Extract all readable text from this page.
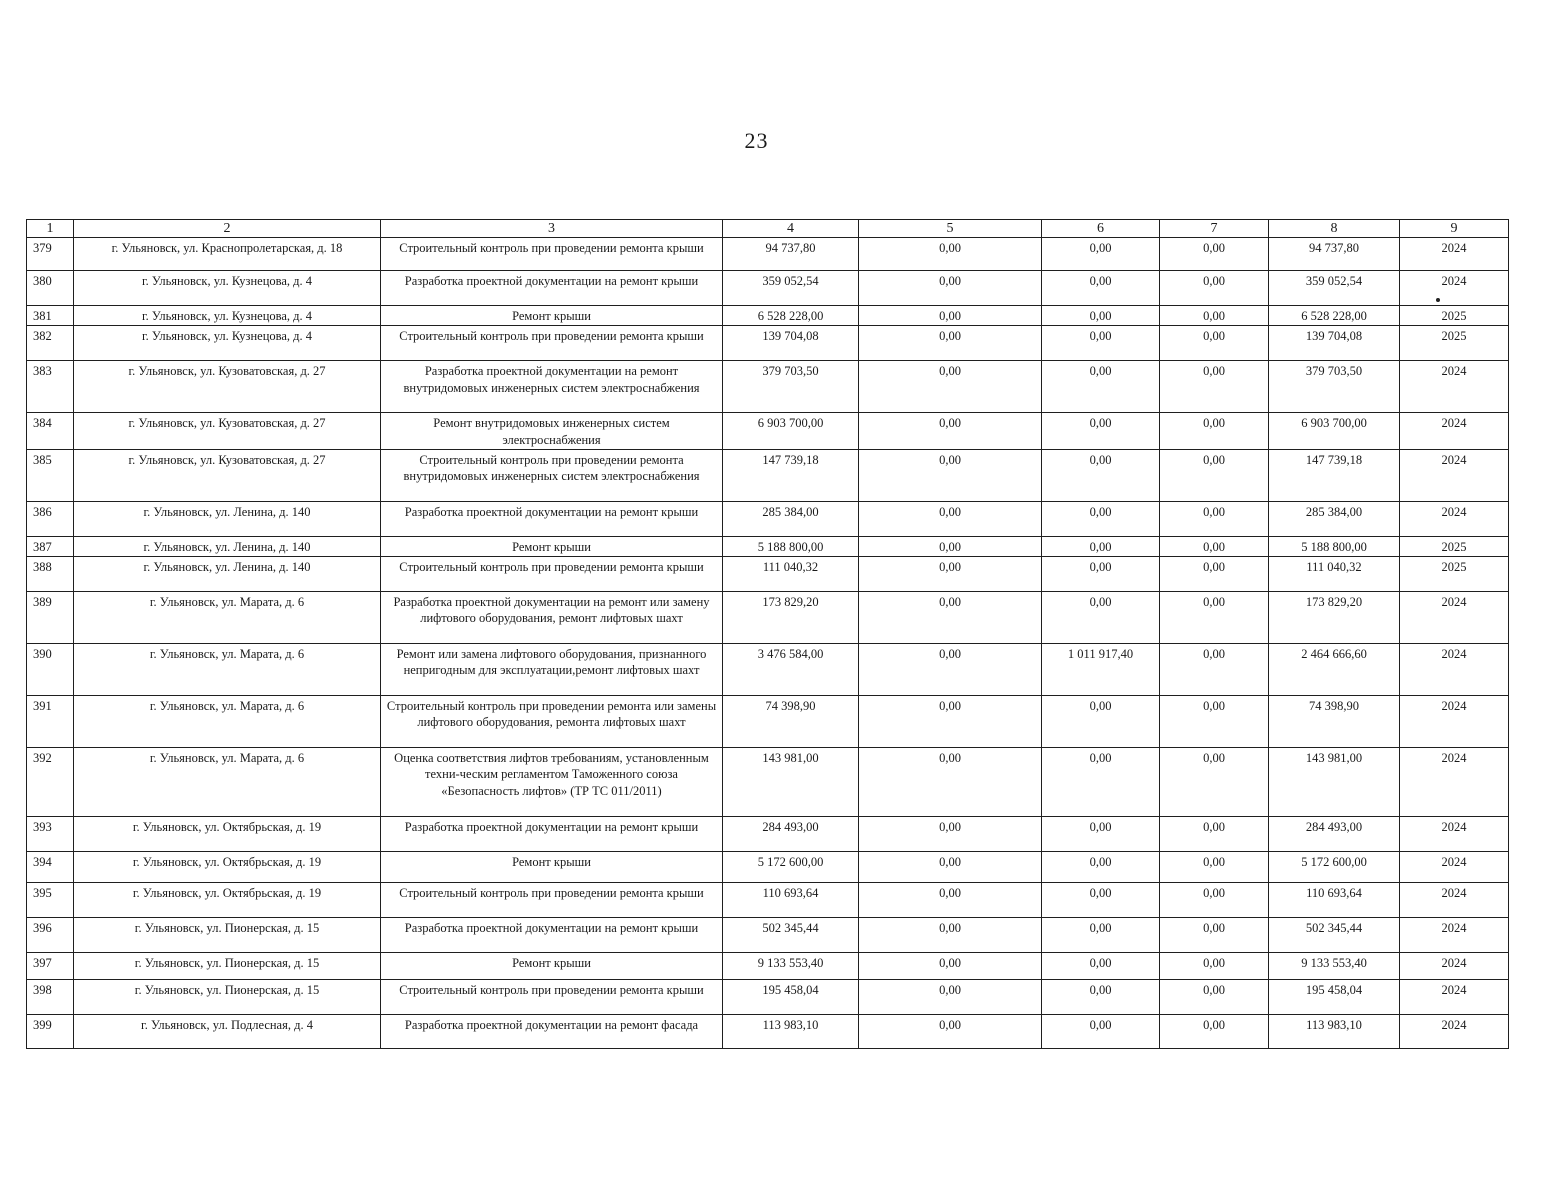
23
1	2	3	4	5	6	7	8	9
379	г. Ульяновск, ул. Краснопролетарская, д. 18	Строительный контроль при проведении ремонта крыши	94 737,80	0,00	0,00	0,00	94 737,80	2024
380	г. Ульяновск, ул. Кузнецова, д. 4	Разработка проектной документации на ремонт крыши	359 052,54	0,00	0,00	0,00	359 052,54	2024
381	г. Ульяновск, ул. Кузнецова, д. 4	Ремонт крыши	6 528 228,00	0,00	0,00	0,00	6 528 228,00	2025
382	г. Ульяновск, ул. Кузнецова, д. 4	Строительный контроль при проведении ремонта крыши	139 704,08	0,00	0,00	0,00	139 704,08	2025
383	г. Ульяновск, ул. Кузоватовская, д. 27	Разработка проектной документации на ремонт внутридомовых инженерных систем электроснабжения	379 703,50	0,00	0,00	0,00	379 703,50	2024
384	г. Ульяновск, ул. Кузоватовская, д. 27	Ремонт внутридомовых инженерных систем электроснабжения	6 903 700,00	0,00	0,00	0,00	6 903 700,00	2024
385	г. Ульяновск, ул. Кузоватовская, д. 27	Строительный контроль при проведении ремонта внутридомовых инженерных систем электроснабжения	147 739,18	0,00	0,00	0,00	147 739,18	2024
386	г. Ульяновск, ул. Ленина, д. 140	Разработка проектной документации на ремонт крыши	285 384,00	0,00	0,00	0,00	285 384,00	2024
387	г. Ульяновск, ул. Ленина, д. 140	Ремонт крыши	5 188 800,00	0,00	0,00	0,00	5 188 800,00	2025
388	г. Ульяновск, ул. Ленина, д. 140	Строительный контроль при проведении ремонта крыши	111 040,32	0,00	0,00	0,00	111 040,32	2025
389	г. Ульяновск, ул. Марата, д. 6	Разработка проектной документации на ремонт или замену лифтового оборудования, ремонт лифтовых шахт	173 829,20	0,00	0,00	0,00	173 829,20	2024
390	г. Ульяновск, ул. Марата, д. 6	Ремонт или замена лифтового оборудования, признанного непригодным для эксплуатации,ремонт лифтовых шахт	3 476 584,00	0,00	1 011 917,40	0,00	2 464 666,60	2024
391	г. Ульяновск, ул. Марата, д. 6	Строительный контроль при проведении ремонта или замены лифтового оборудования, ремонта лифтовых шахт	74 398,90	0,00	0,00	0,00	74 398,90	2024
392	г. Ульяновск, ул. Марата, д. 6	Оценка соответствия лифтов требованиям, установленным техни-ческим регламентом Таможенного союза «Безопасность лифтов» (ТР ТС 011/2011)	143 981,00	0,00	0,00	0,00	143 981,00	2024
393	г. Ульяновск, ул. Октябрьская, д. 19	Разработка проектной документации на ремонт крыши	284 493,00	0,00	0,00	0,00	284 493,00	2024
394	г. Ульяновск, ул. Октябрьская, д. 19	Ремонт крыши	5 172 600,00	0,00	0,00	0,00	5 172 600,00	2024
395	г. Ульяновск, ул. Октябрьская, д. 19	Строительный контроль при проведении ремонта крыши	110 693,64	0,00	0,00	0,00	110 693,64	2024
396	г. Ульяновск, ул. Пионерская, д. 15	Разработка проектной документации на ремонт крыши	502 345,44	0,00	0,00	0,00	502 345,44	2024
397	г. Ульяновск, ул. Пионерская, д. 15	Ремонт крыши	9 133 553,40	0,00	0,00	0,00	9 133 553,40	2024
398	г. Ульяновск, ул. Пионерская, д. 15	Строительный контроль при проведении ремонта крыши	195 458,04	0,00	0,00	0,00	195 458,04	2024
399	г. Ульяновск, ул. Подлесная, д. 4	Разработка проектной документации на ремонт фасада	113 983,10	0,00	0,00	0,00	113 983,10	2024
